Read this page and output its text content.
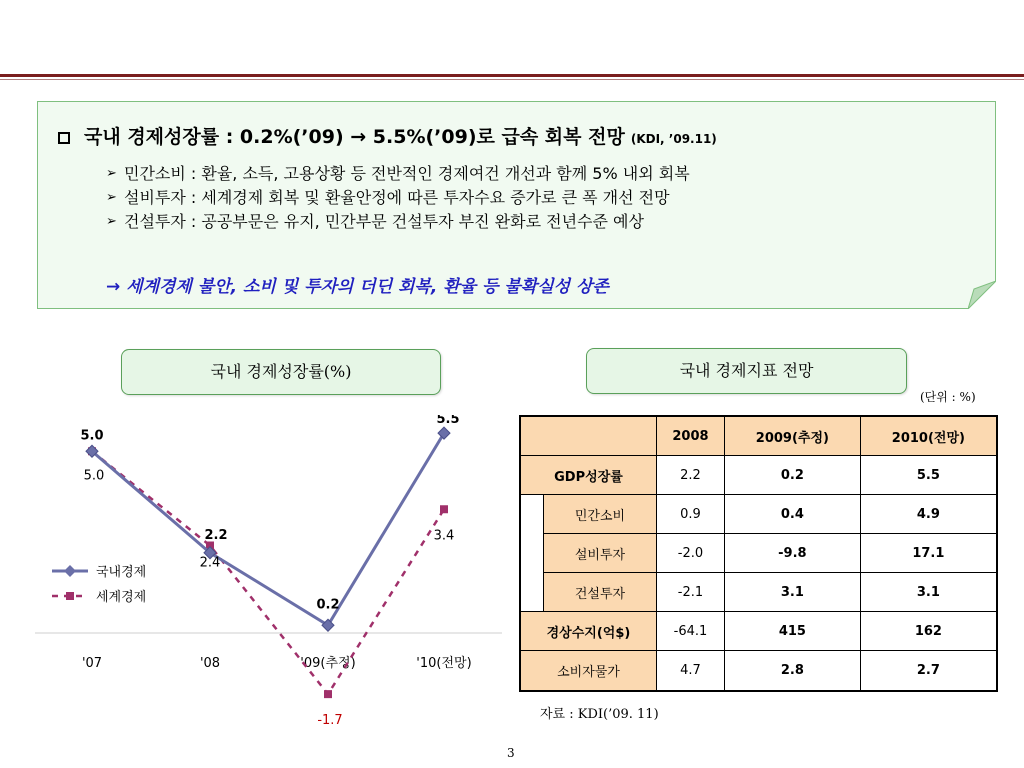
국내 경제성장률 : 0.2%(’09) → 5.5%(’09)로 급속 회복 전망 (KDI, ’09.11)
➢ 민간소비 : 환율, 소득, 고용상황 등 전반적인 경제여건 개선과 함께 5% 내외 회복
➢ 설비투자 : 세계경제 회복 및 환율안정에 따른 투자수요 증가로 큰 폭 개선 전망
➢ 건설투자 : 공공부문은 유지, 민간부문 건설투자 부진 완화로 전년수준 예상
→ 세계경제 불안, 소비 및 투자의 더딘 회복, 환율 등 불확실성 상존
국내 경제성장률(%)	국내 경제지표 전망
(단위 : %)
'07	'08	'09(추정)	'10(전망)
5.0
2.2
0.2
5.5
5.0
2.4
-1.7
3.4
국내경제
세계경제
		2008	2009(추정)	2010(전망)
GDP성장률		2.2	0.2	5.5
	민간소비	0.9	0.4	4.9
	설비투자	-2.0	-9.8	17.1
	건설투자	-2.1	3.1	3.1
경상수지(억$)		-64.1	415	162
소비자물가		4.7	2.8	2.7
자료 : KDI(’09. 11)
3
